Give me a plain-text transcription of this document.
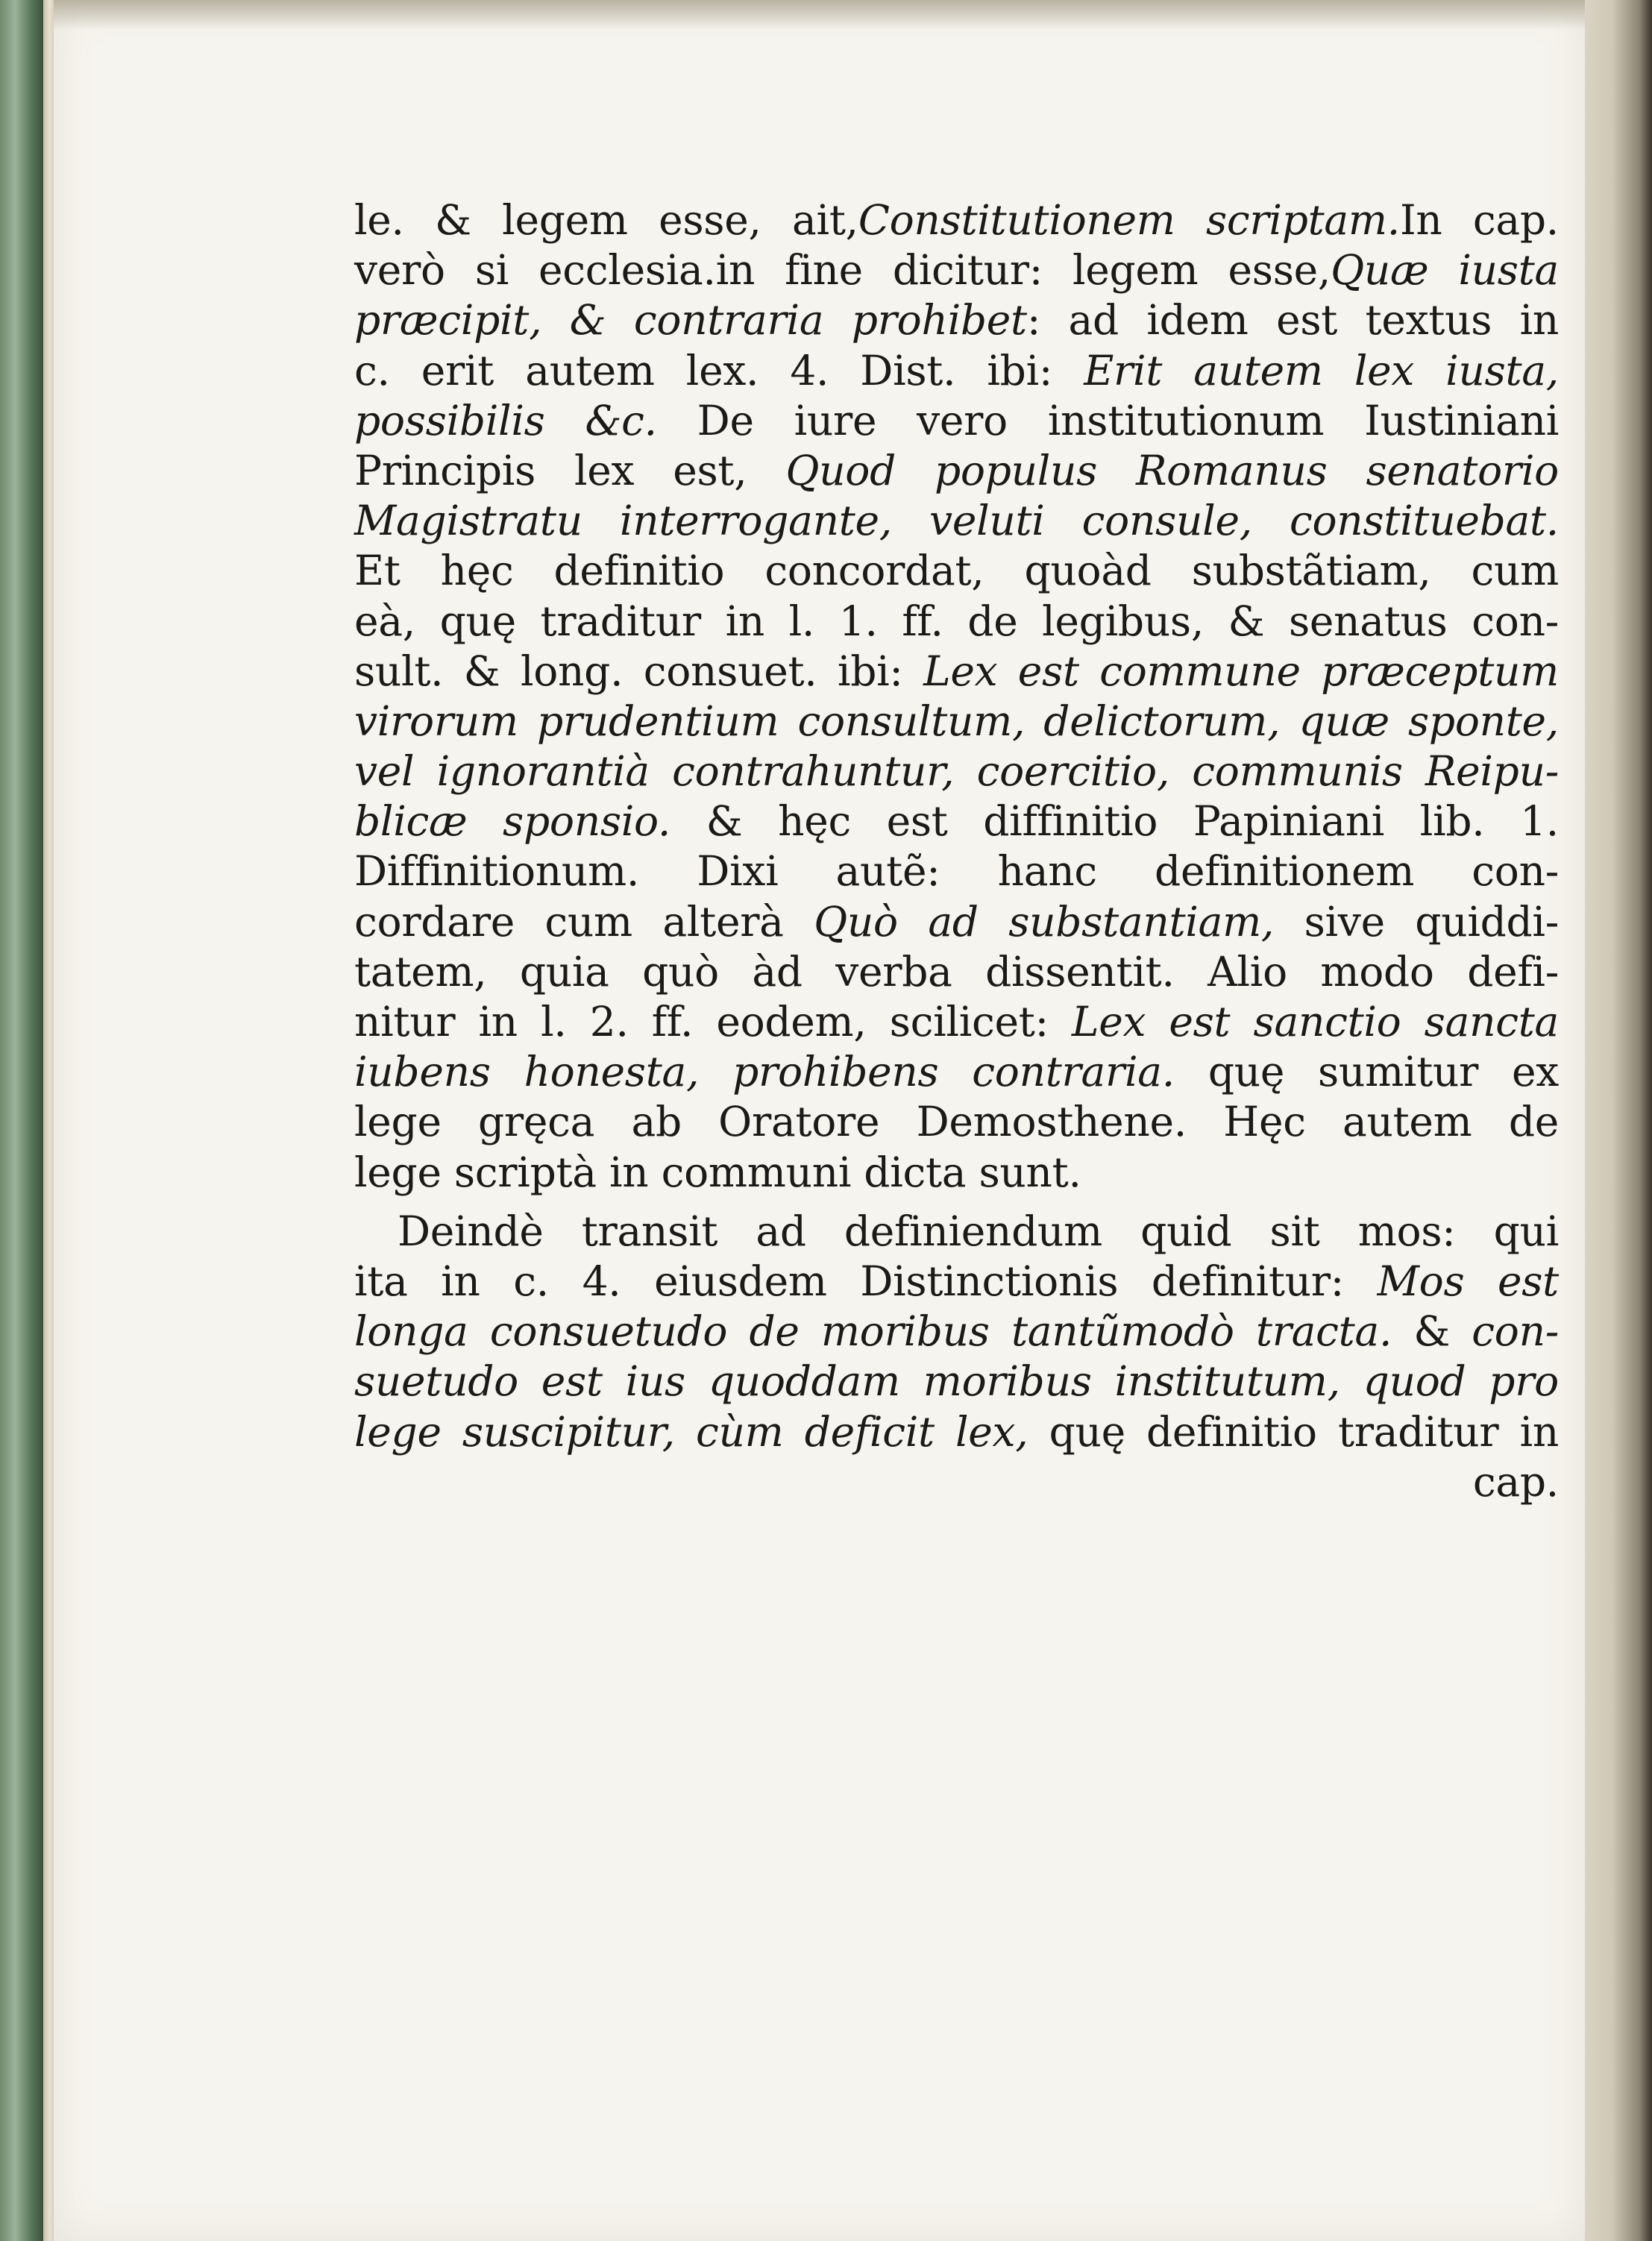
le. & legem esse, ait,Constitutionem scriptam.In cap.
verò si ecclesia.in fine dicitur: legem esse,Quæ iusta
præcipit, & contraria prohibet: ad idem est textus in
c. erit autem lex. 4. Dist. ibi: Erit autem lex iusta,
possibilis &c. De iure vero institutionum Iustiniani
Principis lex est, Quod populus Romanus senatorio
Magistratu interrogante, veluti consule, constituebat.
Et hęc definitio concordat, quoàd substãtiam, cum
eà, quę traditur in l. 1. ff. de legibus, & senatus con-
sult. & long. consuet. ibi: Lex est commune præceptum
virorum prudentium consultum, delictorum, quæ sponte,
vel ignorantià contrahuntur, coercitio, communis Reipu-
blicæ sponsio. & hęc est diffinitio Papiniani lib. 1.
Diffinitionum. Dixi autẽ: hanc definitionem con-
cordare cum alterà Quò ad substantiam, sive quiddi-
tatem, quia quò àd verba dissentit. Alio modo defi-
nitur in l. 2. ff. eodem, scilicet: Lex est sanctio sancta
iubens honesta, prohibens contraria. quę sumitur ex
lege gręca ab Oratore Demosthene. Hęc autem de
lege scriptà in communi dicta sunt.
Deindè transit ad definiendum quid sit mos: qui
ita in c. 4. eiusdem Distinctionis definitur: Mos est
longa consuetudo de moribus tantũmodò tracta. & con-
suetudo est ius quoddam moribus institutum, quod pro
lege suscipitur, cùm deficit lex, quę definitio traditur in
cap.
